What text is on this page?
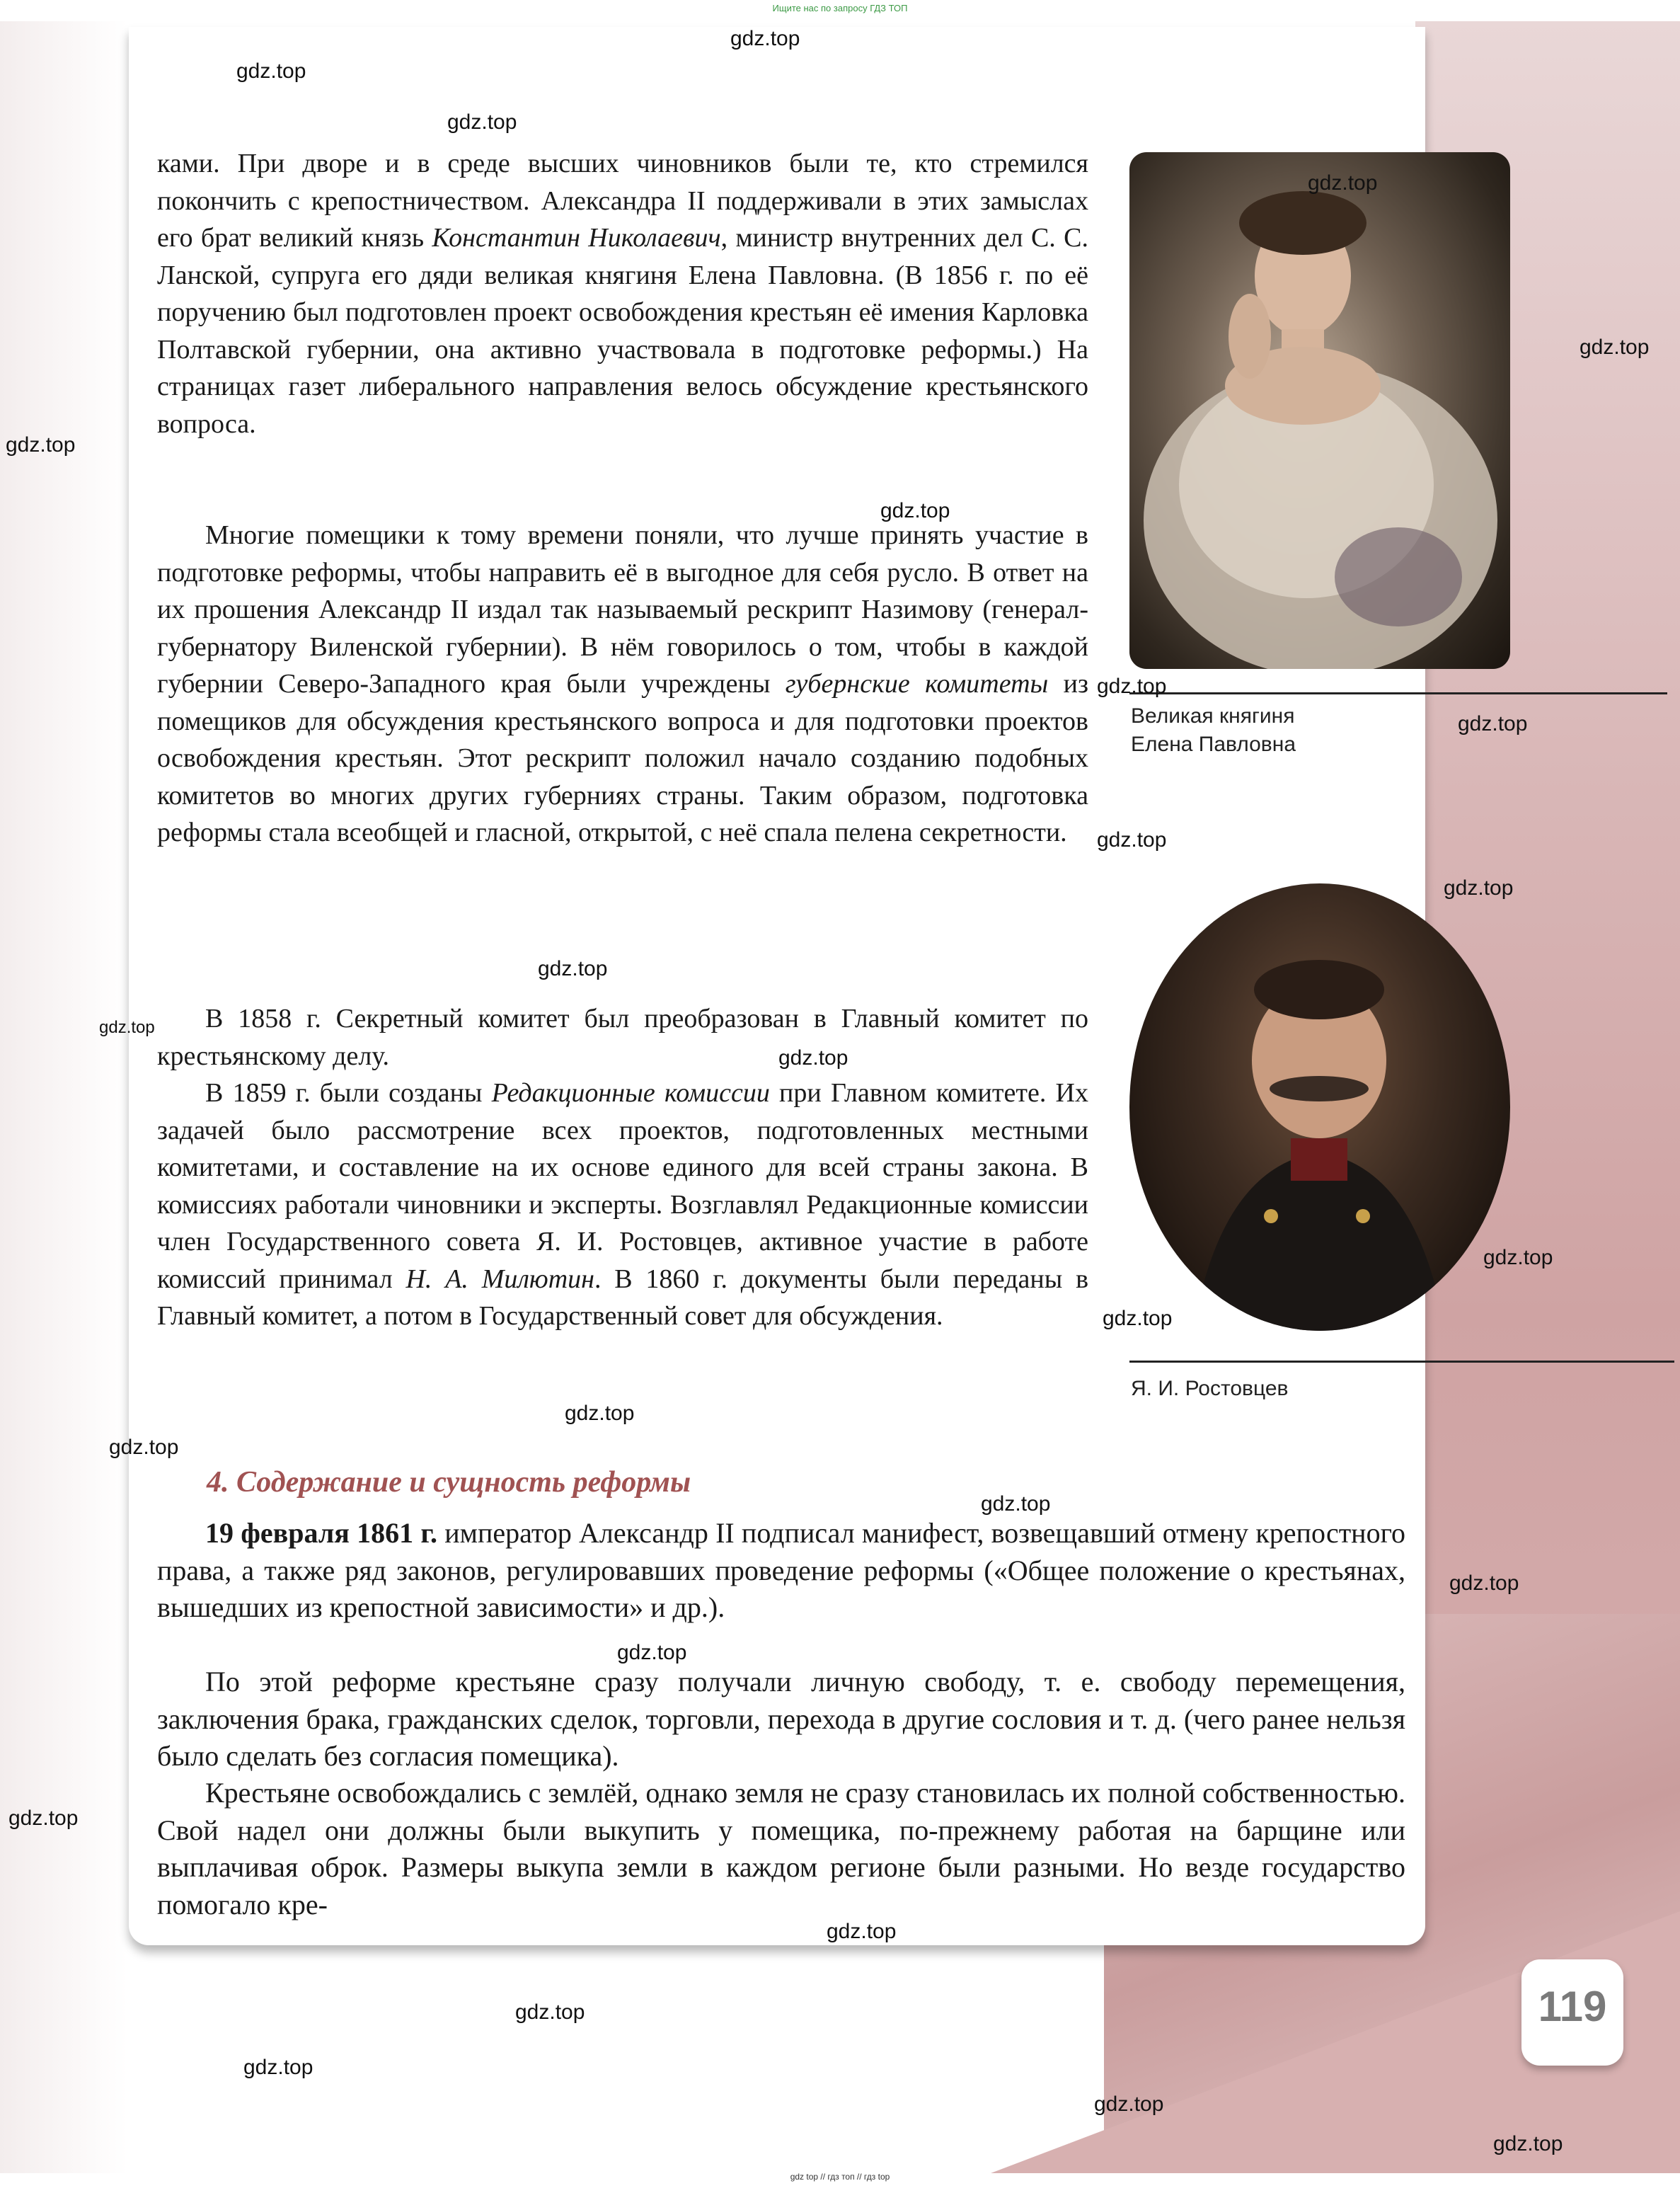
Ищите нас по запросу ГДЗ ТОП

ками. При дворе и в среде высших чиновников были те, кто стремился покончить с крепостничеством. Александра II поддерживали в этих замыслах его брат великий князь Константин Николаевич, министр внутренних дел С. С. Ланской, супруга его дяди великая княгиня Елена Павловна. (В 1856 г. по её поручению был подготовлен проект освобождения крестьян её имения Карловка Полтавской губернии, она активно участвовала в подготовке реформы.) На страницах газет либерального направления велось обсуждение крестьянского вопроса.

Многие помещики к тому времени поняли, что лучше принять участие в подготовке реформы, чтобы направить её в выгодное для себя русло. В ответ на их прошения Александр II издал так называемый рескрипт Назимову (генерал-губернатору Виленской губернии). В нём говорилось о том, чтобы в каждой губернии Северо-Западного края были учреждены губернские комитеты из помещиков для обсуждения крестьянского вопроса и для подготовки проектов освобождения крестьян. Этот рескрипт положил начало созданию подобных комитетов во многих других губерниях страны. Таким образом, подготовка реформы стала всеобщей и гласной, открытой, с неё спала пелена секретности.

В 1858 г. Секретный комитет был преобразован в Главный комитет по крестьянскому делу.

В 1859 г. были созданы Редакционные комиссии при Главном комитете. Их задачей было рассмотрение всех проектов, подготовленных местными комитетами, и составление на их основе единого для всей страны закона. В комиссиях работали чиновники и эксперты. Возглавлял Редакционные комиссии член Государственного совета Я. И. Ростовцев, активное участие в работе комиссий принимал Н. А. Милютин. В 1860 г. документы были переданы в Главный комитет, а потом в Государственный совет для обсуждения.

4. Содержание и сущность реформы

19 февраля 1861 г. император Александр II подписал манифест, возвещавший отмену крепостного права, а также ряд законов, регулировавших проведение реформы («Общее положение о крестьянах, вышедших из крепостной зависимости» и др.).

По этой реформе крестьяне сразу получали личную свободу, т. е. свободу перемещения, заключения брака, гражданских сделок, торговли, перехода в другие сословия и т. д. (чего ранее нельзя было сделать без согласия помещика).

Крестьяне освобождались с землёй, однако земля не сразу становилась их полной собственностью. Свой надел они должны были выкупить у помещика, по-прежнему работая на барщине или выплачивая оброк. Размеры выкупа земли в каждом регионе были разными. Но везде государство помогало кре-

Великая княгиня
Елена Павловна
Я. И. Ростовцев
119
gdz.top
gdz.top
gdz.top
gdz.top
gdz.top
gdz.top
gdz.top
gdz.top
gdz.top
gdz.top
gdz.top
gdz.top
gdz.top
gdz.top
gdz.top
gdz.top
gdz.top
gdz.top
gdz.top
gdz.top
gdz.top
gdz.top
gdz.top
gdz.top
gdz.top
gdz.top
gdz.top
gdz top // гдз топ // гдз top
